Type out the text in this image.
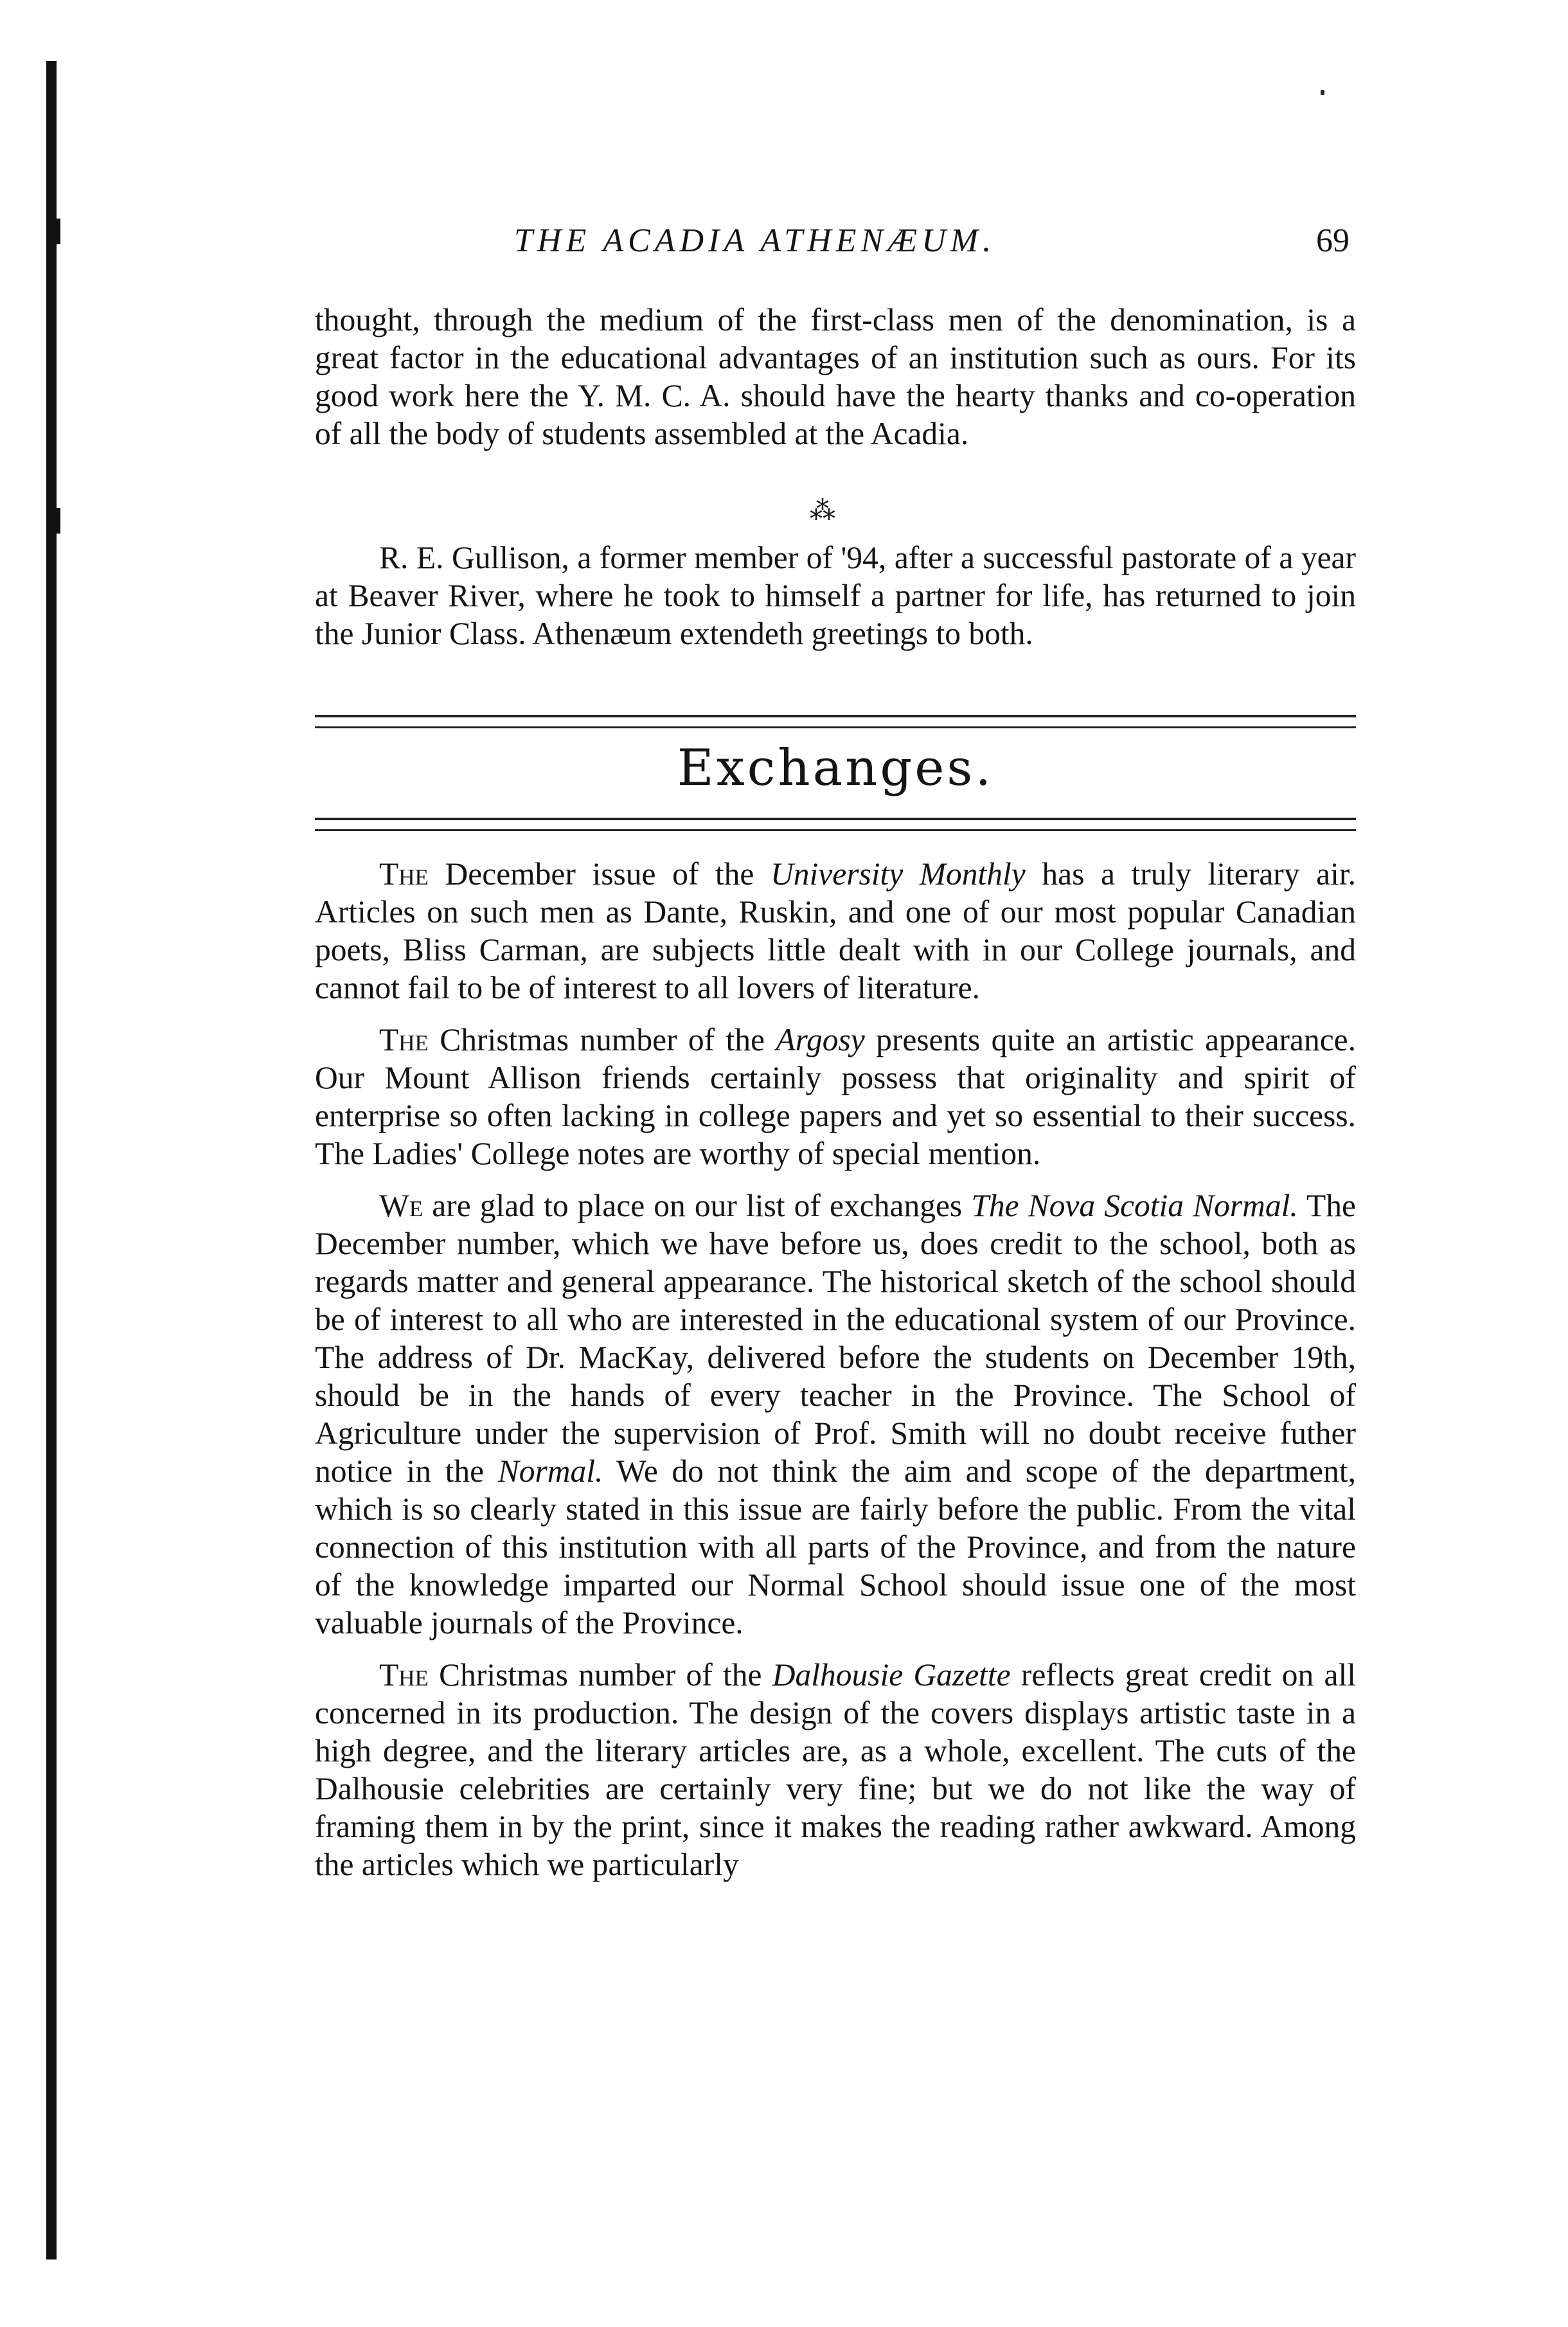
THE ACADIA ATHENÆUM.	69

thought, through the medium of the first-class men of the denomination, is a great factor in the educational advantages of an institution such as ours. For its good work here the Y. M. C. A. should have the hearty thanks and co-operation of all the body of students assembled at the Acadia.

⁂

R. E. Gullison, a former member of '94, after a successful pastorate of a year at Beaver River, where he took to himself a partner for life, has returned to join the Junior Class. Athenæum extendeth greetings to both.

Exchanges.

The December issue of the University Monthly has a truly literary air. Articles on such men as Dante, Ruskin, and one of our most popular Canadian poets, Bliss Carman, are subjects little dealt with in our College journals, and cannot fail to be of interest to all lovers of literature.

The Christmas number of the Argosy presents quite an artistic appearance. Our Mount Allison friends certainly possess that originality and spirit of enterprise so often lacking in college papers and yet so essential to their success. The Ladies' College notes are worthy of special mention.

We are glad to place on our list of exchanges The Nova Scotia Normal. The December number, which we have before us, does credit to the school, both as regards matter and general appearance. The historical sketch of the school should be of interest to all who are interested in the educational system of our Province. The address of Dr. MacKay, delivered before the students on December 19th, should be in the hands of every teacher in the Province. The School of Agriculture under the supervision of Prof. Smith will no doubt receive futher notice in the Normal. We do not think the aim and scope of the department, which is so clearly stated in this issue are fairly before the public. From the vital connection of this institution with all parts of the Province, and from the nature of the knowledge imparted our Normal School should issue one of the most valuable journals of the Province.

The Christmas number of the Dalhousie Gazette reflects great credit on all concerned in its production. The design of the covers displays artistic taste in a high degree, and the literary articles are, as a whole, excellent. The cuts of the Dalhousie celebrities are certainly very fine; but we do not like the way of framing them in by the print, since it makes the reading rather awkward. Among the articles which we particularly
